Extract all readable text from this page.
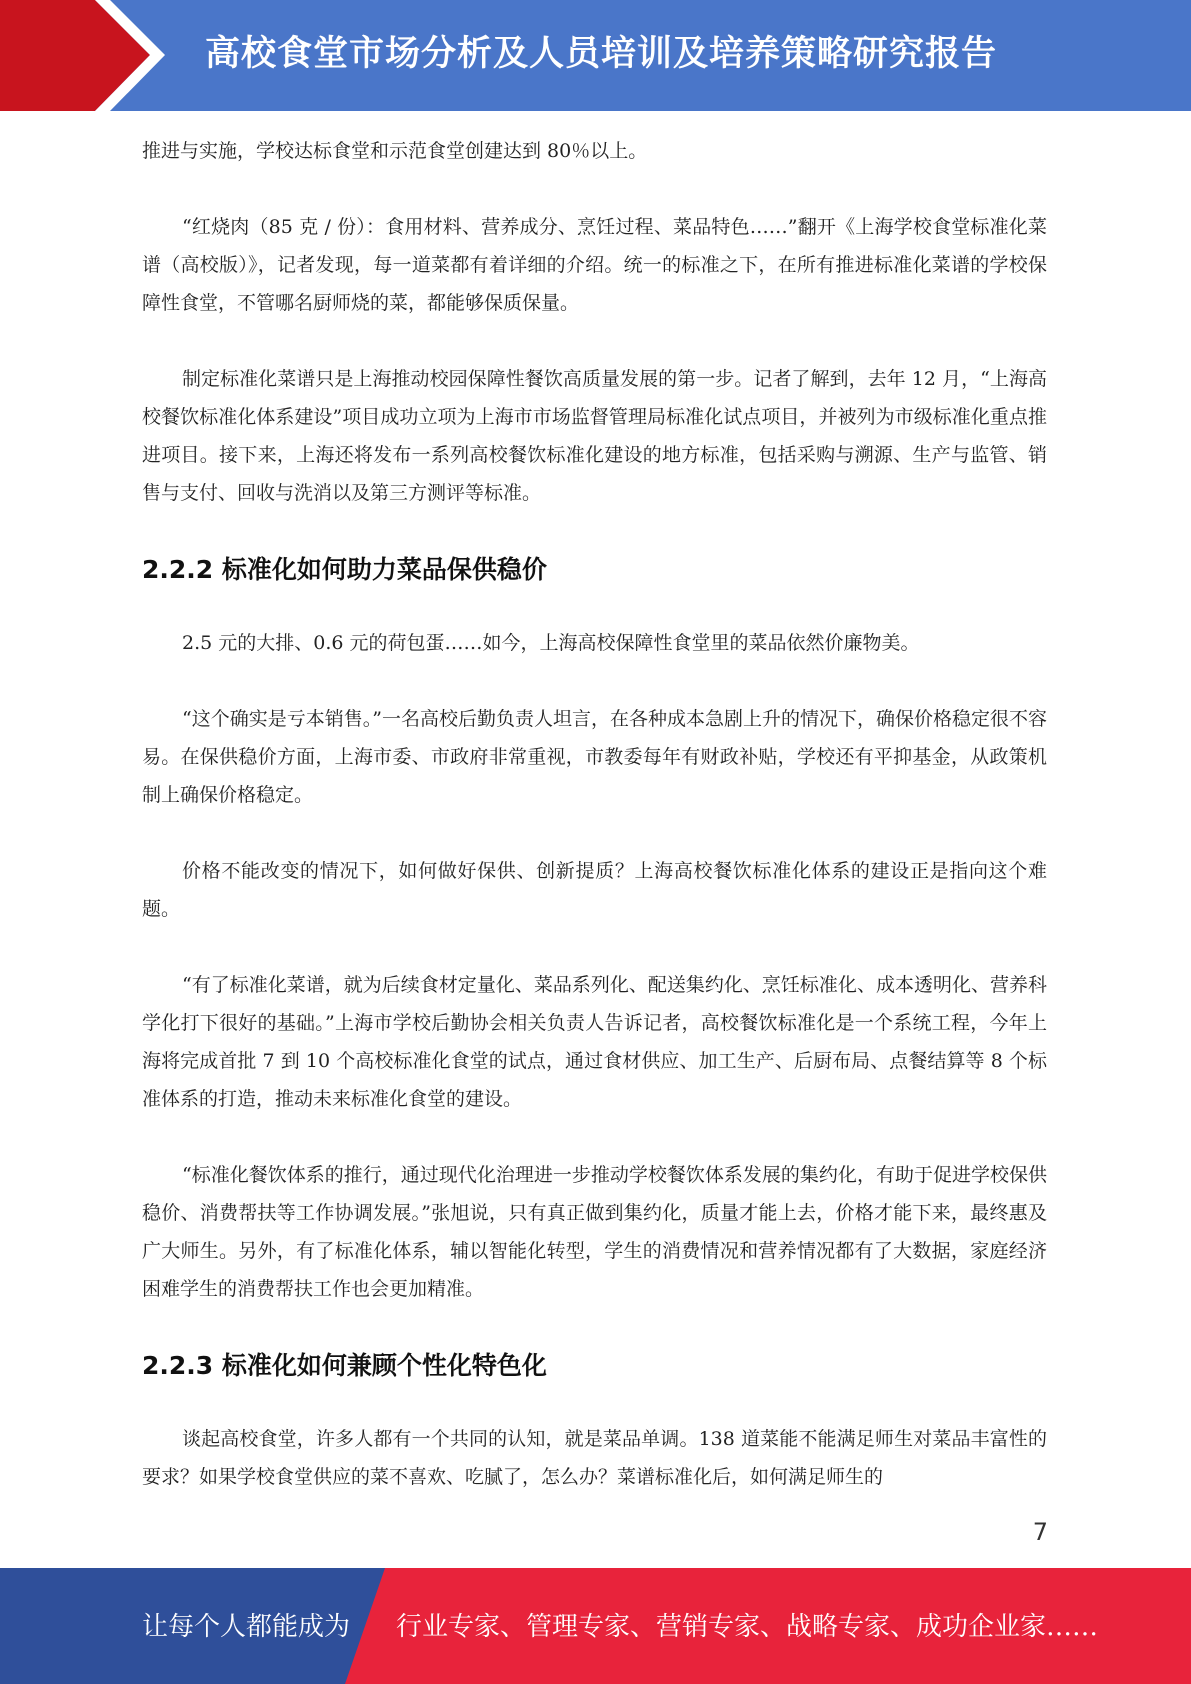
高校食堂市场分析及人员培训及培养策略研究报告

推进与实施，学校达标食堂和示范食堂创建达到 80％以上。

“红烧肉（85 克 / 份）：食用材料、营养成分、烹饪过程、菜品特色……”翻开《上海学校食堂标准化菜谱（高校版）》，记者发现，每一道菜都有着详细的介绍。统一的标准之下，在所有推进标准化菜谱的学校保障性食堂，不管哪名厨师烧的菜，都能够保质保量。

制定标准化菜谱只是上海推动校园保障性餐饮高质量发展的第一步。记者了解到，去年 12 月，“上海高校餐饮标准化体系建设”项目成功立项为上海市市场监督管理局标准化试点项目，并被列为市级标准化重点推进项目。接下来，上海还将发布一系列高校餐饮标准化建设的地方标准，包括采购与溯源、生产与监管、销售与支付、回收与洗消以及第三方测评等标准。

2.2.2 标准化如何助力菜品保供稳价

2.5 元的大排、0.6 元的荷包蛋……如今，上海高校保障性食堂里的菜品依然价廉物美。

“这个确实是亏本销售。”一名高校后勤负责人坦言，在各种成本急剧上升的情况下，确保价格稳定很不容易。在保供稳价方面，上海市委、市政府非常重视，市教委每年有财政补贴，学校还有平抑基金，从政策机制上确保价格稳定。

价格不能改变的情况下，如何做好保供、创新提质？上海高校餐饮标准化体系的建设正是指向这个难题。

“有了标准化菜谱，就为后续食材定量化、菜品系列化、配送集约化、烹饪标准化、成本透明化、营养科学化打下很好的基础。”上海市学校后勤协会相关负责人告诉记者，高校餐饮标准化是一个系统工程，今年上海将完成首批 7 到 10 个高校标准化食堂的试点，通过食材供应、加工生产、后厨布局、点餐结算等 8 个标准体系的打造，推动未来标准化食堂的建设。

“标准化餐饮体系的推行，通过现代化治理进一步推动学校餐饮体系发展的集约化，有助于促进学校保供稳价、消费帮扶等工作协调发展。”张旭说，只有真正做到集约化，质量才能上去，价格才能下来，最终惠及广大师生。另外，有了标准化体系，辅以智能化转型，学生的消费情况和营养情况都有了大数据，家庭经济困难学生的消费帮扶工作也会更加精准。

2.2.3 标准化如何兼顾个性化特色化

谈起高校食堂，许多人都有一个共同的认知，就是菜品单调。138 道菜能不能满足师生对菜品丰富性的要求？如果学校食堂供应的菜不喜欢、吃腻了，怎么办？菜谱标准化后，如何满足师生的

7
让每个人都能成为 行业专家、管理专家、营销专家、战略专家、成功企业家……
